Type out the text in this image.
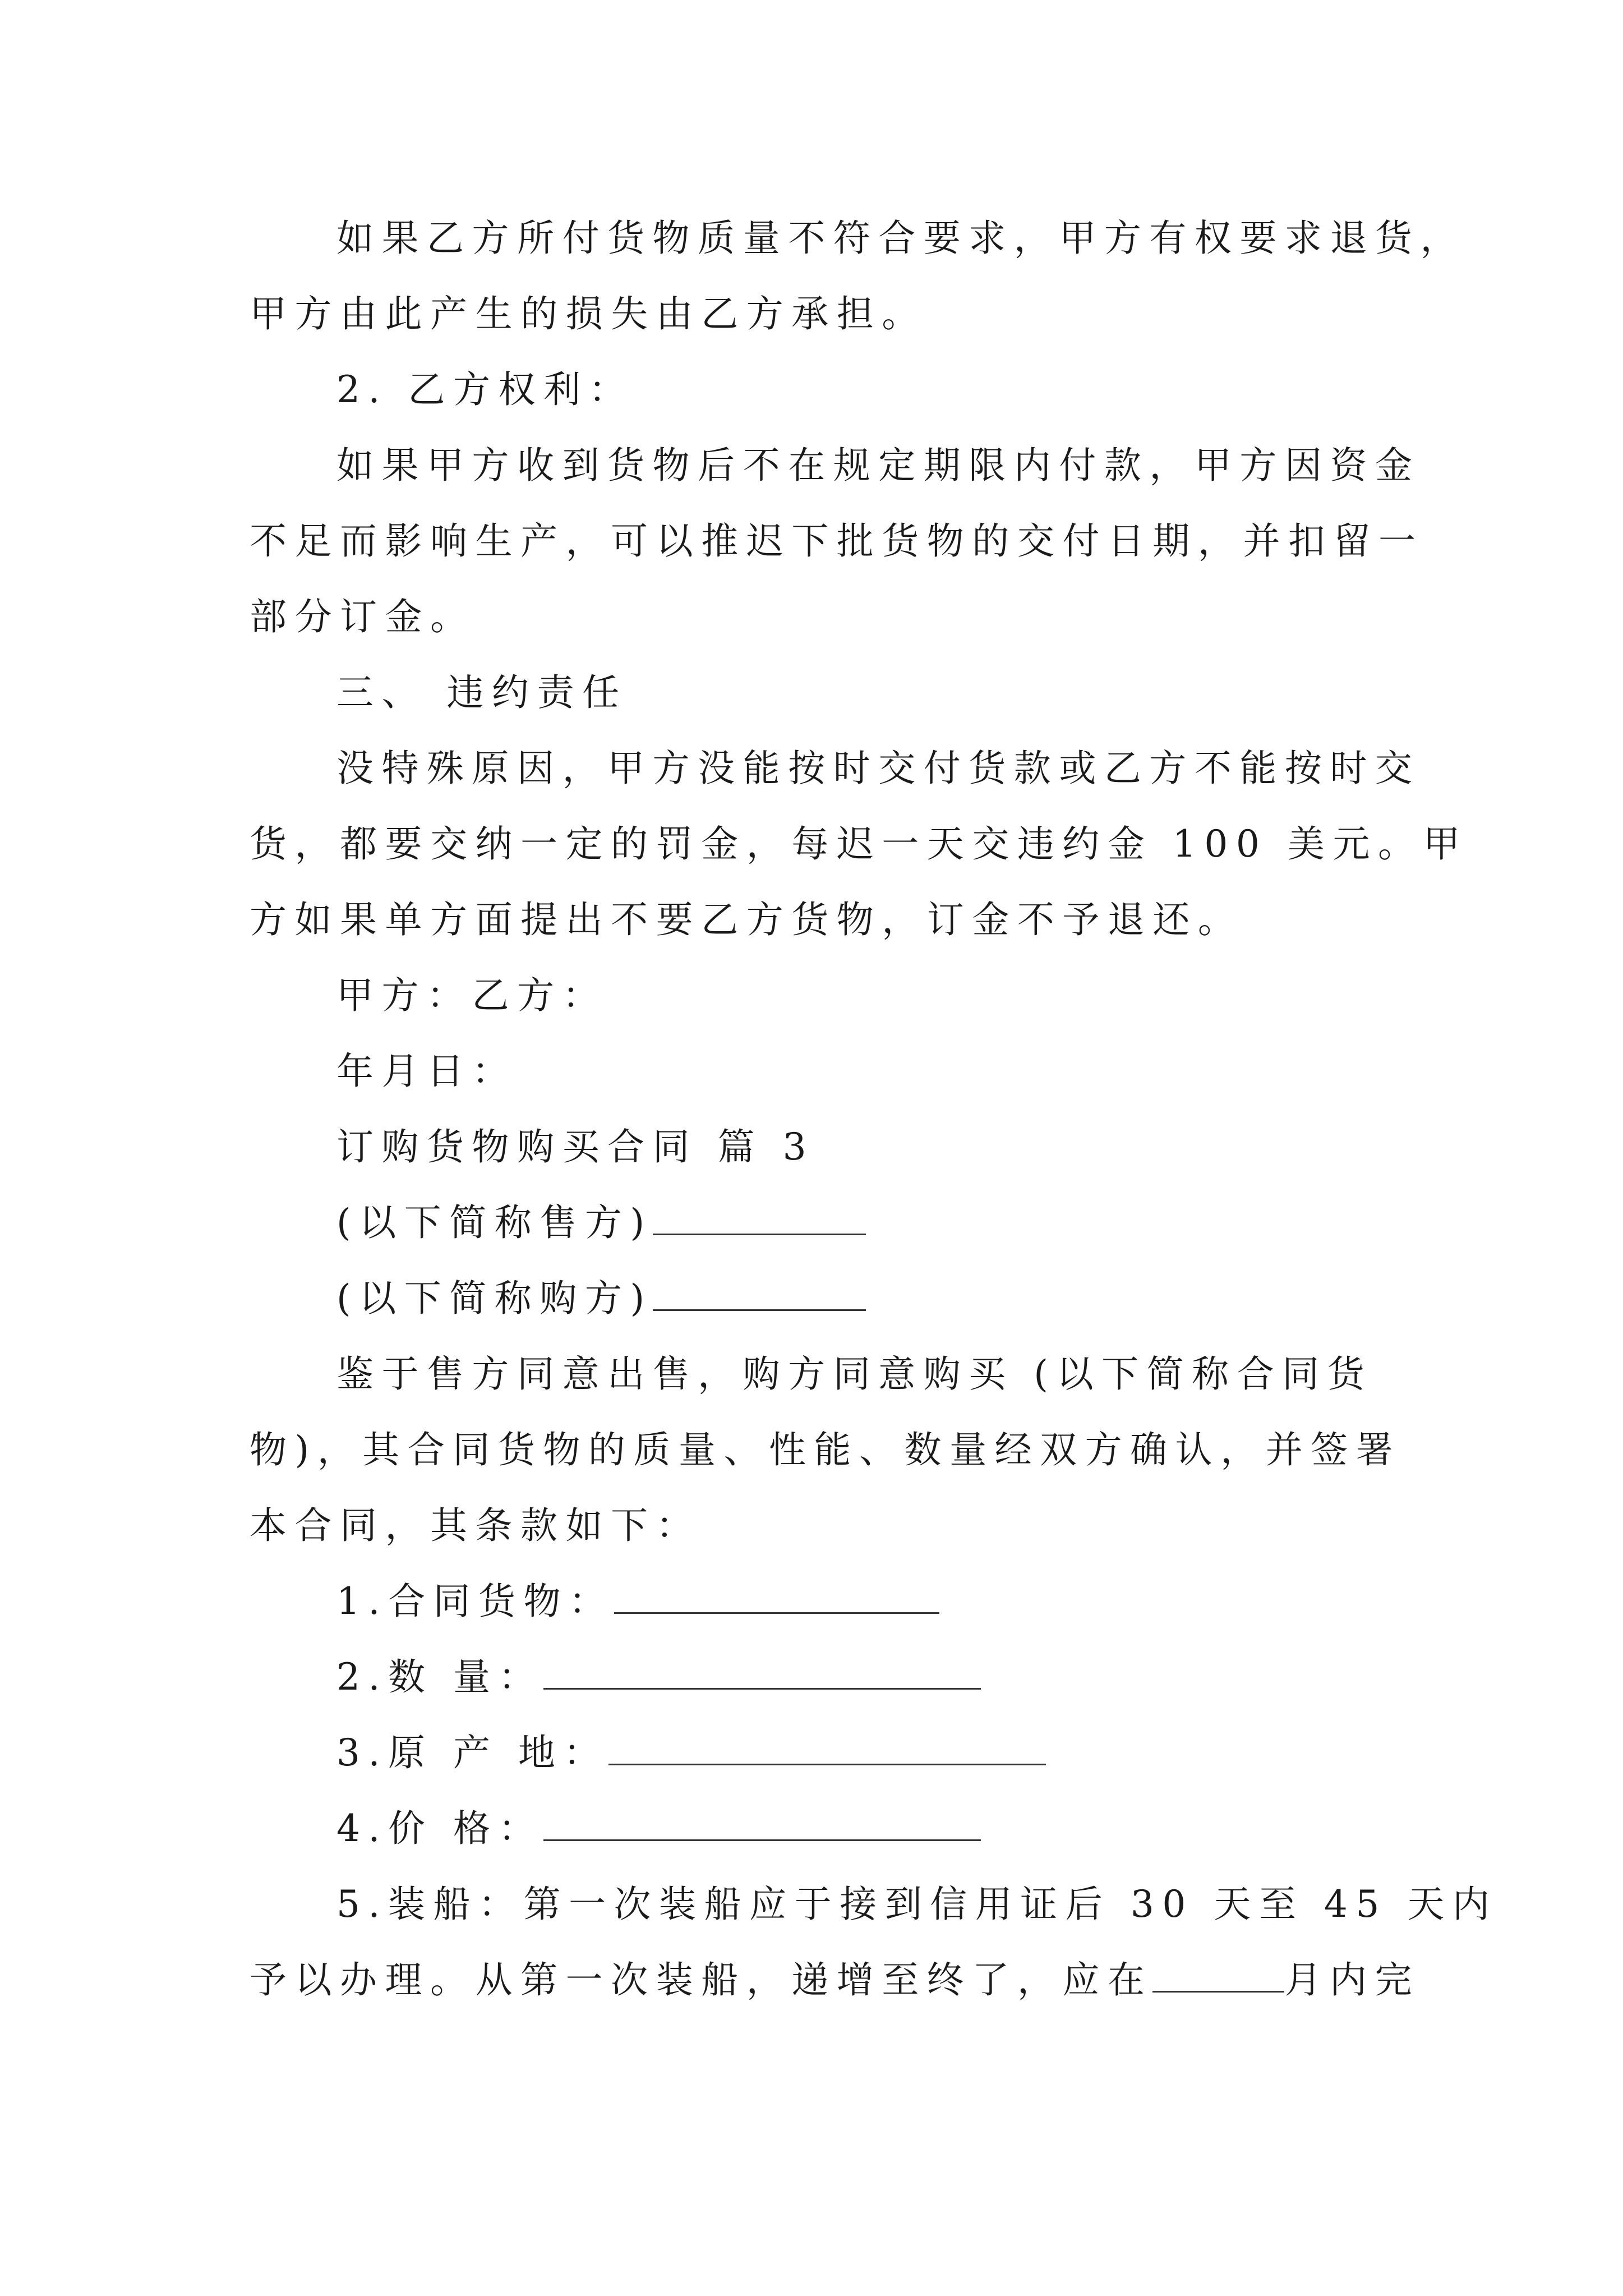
如果乙方所付货物质量不符合要求，甲方有权要求退货，
甲方由此产生的损失由乙方承担。
2. 乙方权利：
如果甲方收到货物后不在规定期限内付款，甲方因资金
不足而影响生产，可以推迟下批货物的交付日期，并扣留一
部分订金。
三、 违约责任
没特殊原因，甲方没能按时交付货款或乙方不能按时交
货，都要交纳一定的罚金，每迟一天交违约金 100 美元。甲
方如果单方面提出不要乙方货物，订金不予退还。
甲方：乙方：
年月日：
订购货物购买合同 篇 3
(以下简称售方)
(以下简称购方)
鉴于售方同意出售，购方同意购买 (以下简称合同货
物)，其合同货物的质量、性能、数量经双方确认，并签署
本合同，其条款如下：
1.合同货物：
2.数 量：
3.原 产 地：
4.价 格：
5.装船：第一次装船应于接到信用证后 30 天至 45 天内
予以办理。从第一次装船，递增至终了，应在	月内完
